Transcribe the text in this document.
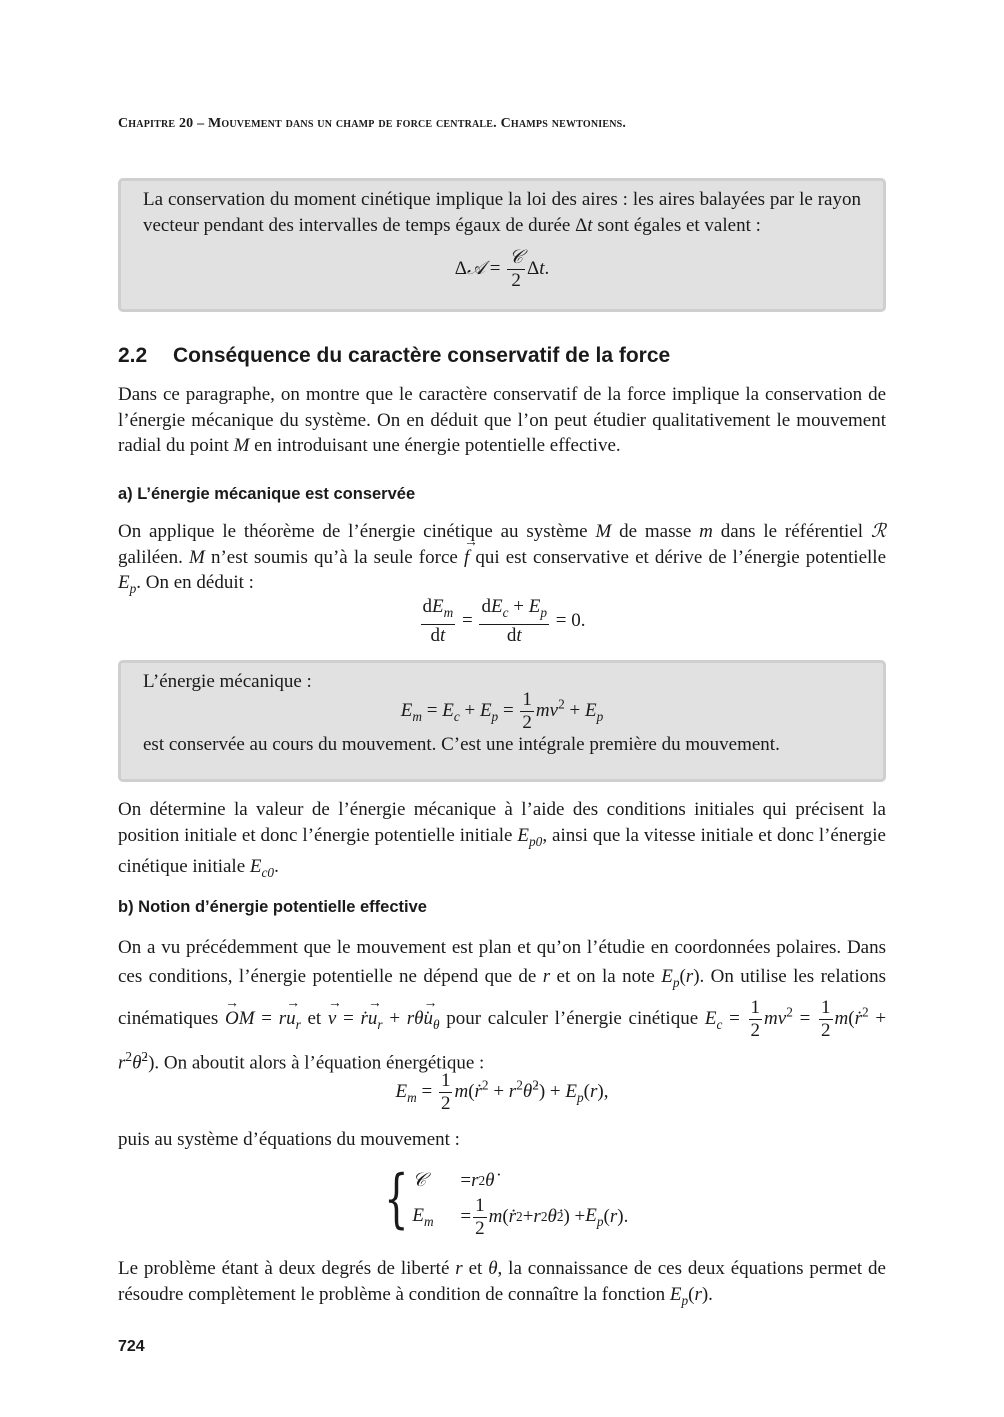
Chapitre 20 – Mouvement dans un champ de force centrale. Champs newtoniens.
La conservation du moment cinétique implique la loi des aires : les aires balayées par le rayon vecteur pendant des intervalles de temps égaux de durée Δt sont égales et valent :
Δ𝒜 = $\frac{\text{𝒞}}{2} \Delta t$.
2.2 Conséquence du caractère conservatif de la force
Dans ce paragraphe, on montre que le caractère conservatif de la force implique la conservation de l’énergie mécanique du système. On en déduit que l’on peut étudier qualitativement le mouvement radial du point M en introduisant une énergie potentielle effective.
a) L’énergie mécanique est conservée
On applique le théorème de l’énergie cinétique au système M de masse m dans le référentiel ℛ galiléen. M n’est soumis qu’à la seule force f → qui est conservative et dérive de l’énergie potentielle $E_p$. On en déduit :
$\frac{dE_m}{dt} = \frac{dE_c + E_p}{dt} = 0$.
L’énergie mécanique :
$E_m = E_c + E_p = \frac{1}{2} mv^2 + E_p$
est conservée au cours du mouvement. C’est une intégrale première du mouvement.
On détermine la valeur de l’énergie mécanique à l’aide des conditions initiales qui précisent la position initiale et donc l’énergie potentielle initiale $E_{p0}$, ainsi que la vitesse initiale et donc l’énergie cinétique initiale $E_{c0}$.
b) Notion d’énergie potentielle effective
On a vu précédemment que le mouvement est plan et qu’on l’étudie en coordonnées polaires. Dans ces conditions, l’énergie potentielle ne dépend que de r et on la note $E_p(r)$. On utilise les relations cinématiques OM → = $ru_r$ → et v → = ṙu$_r$ → + $r\thetȧu_\theta$ → pour calculer l’énergie cinétique $E_c = \frac{1}{2} mv^2 = \frac{1}{2}$ m(ṙ$^2$ + $r^2\thetȧ^2$). On aboutit alors à l’équation énergétique :
$E_m = \frac{1}{2}$ m(ṙ$^2$ + $r^2\thetȧ^2) + E_p(r)$,
puis au système d’équations du mouvement :
{ 𝒞	= r 2 θ̇
$E_m$	= $\frac{1}{2}$ m ( ṙ 2 + r 2 θ̇ 2 ) + $E_p$ ( r ).
Le problème étant à deux degrés de liberté r et θ, la connaissance de ces deux équations permet de résoudre complètement le problème à condition de connaître la fonction $E_p(r)$.
724
